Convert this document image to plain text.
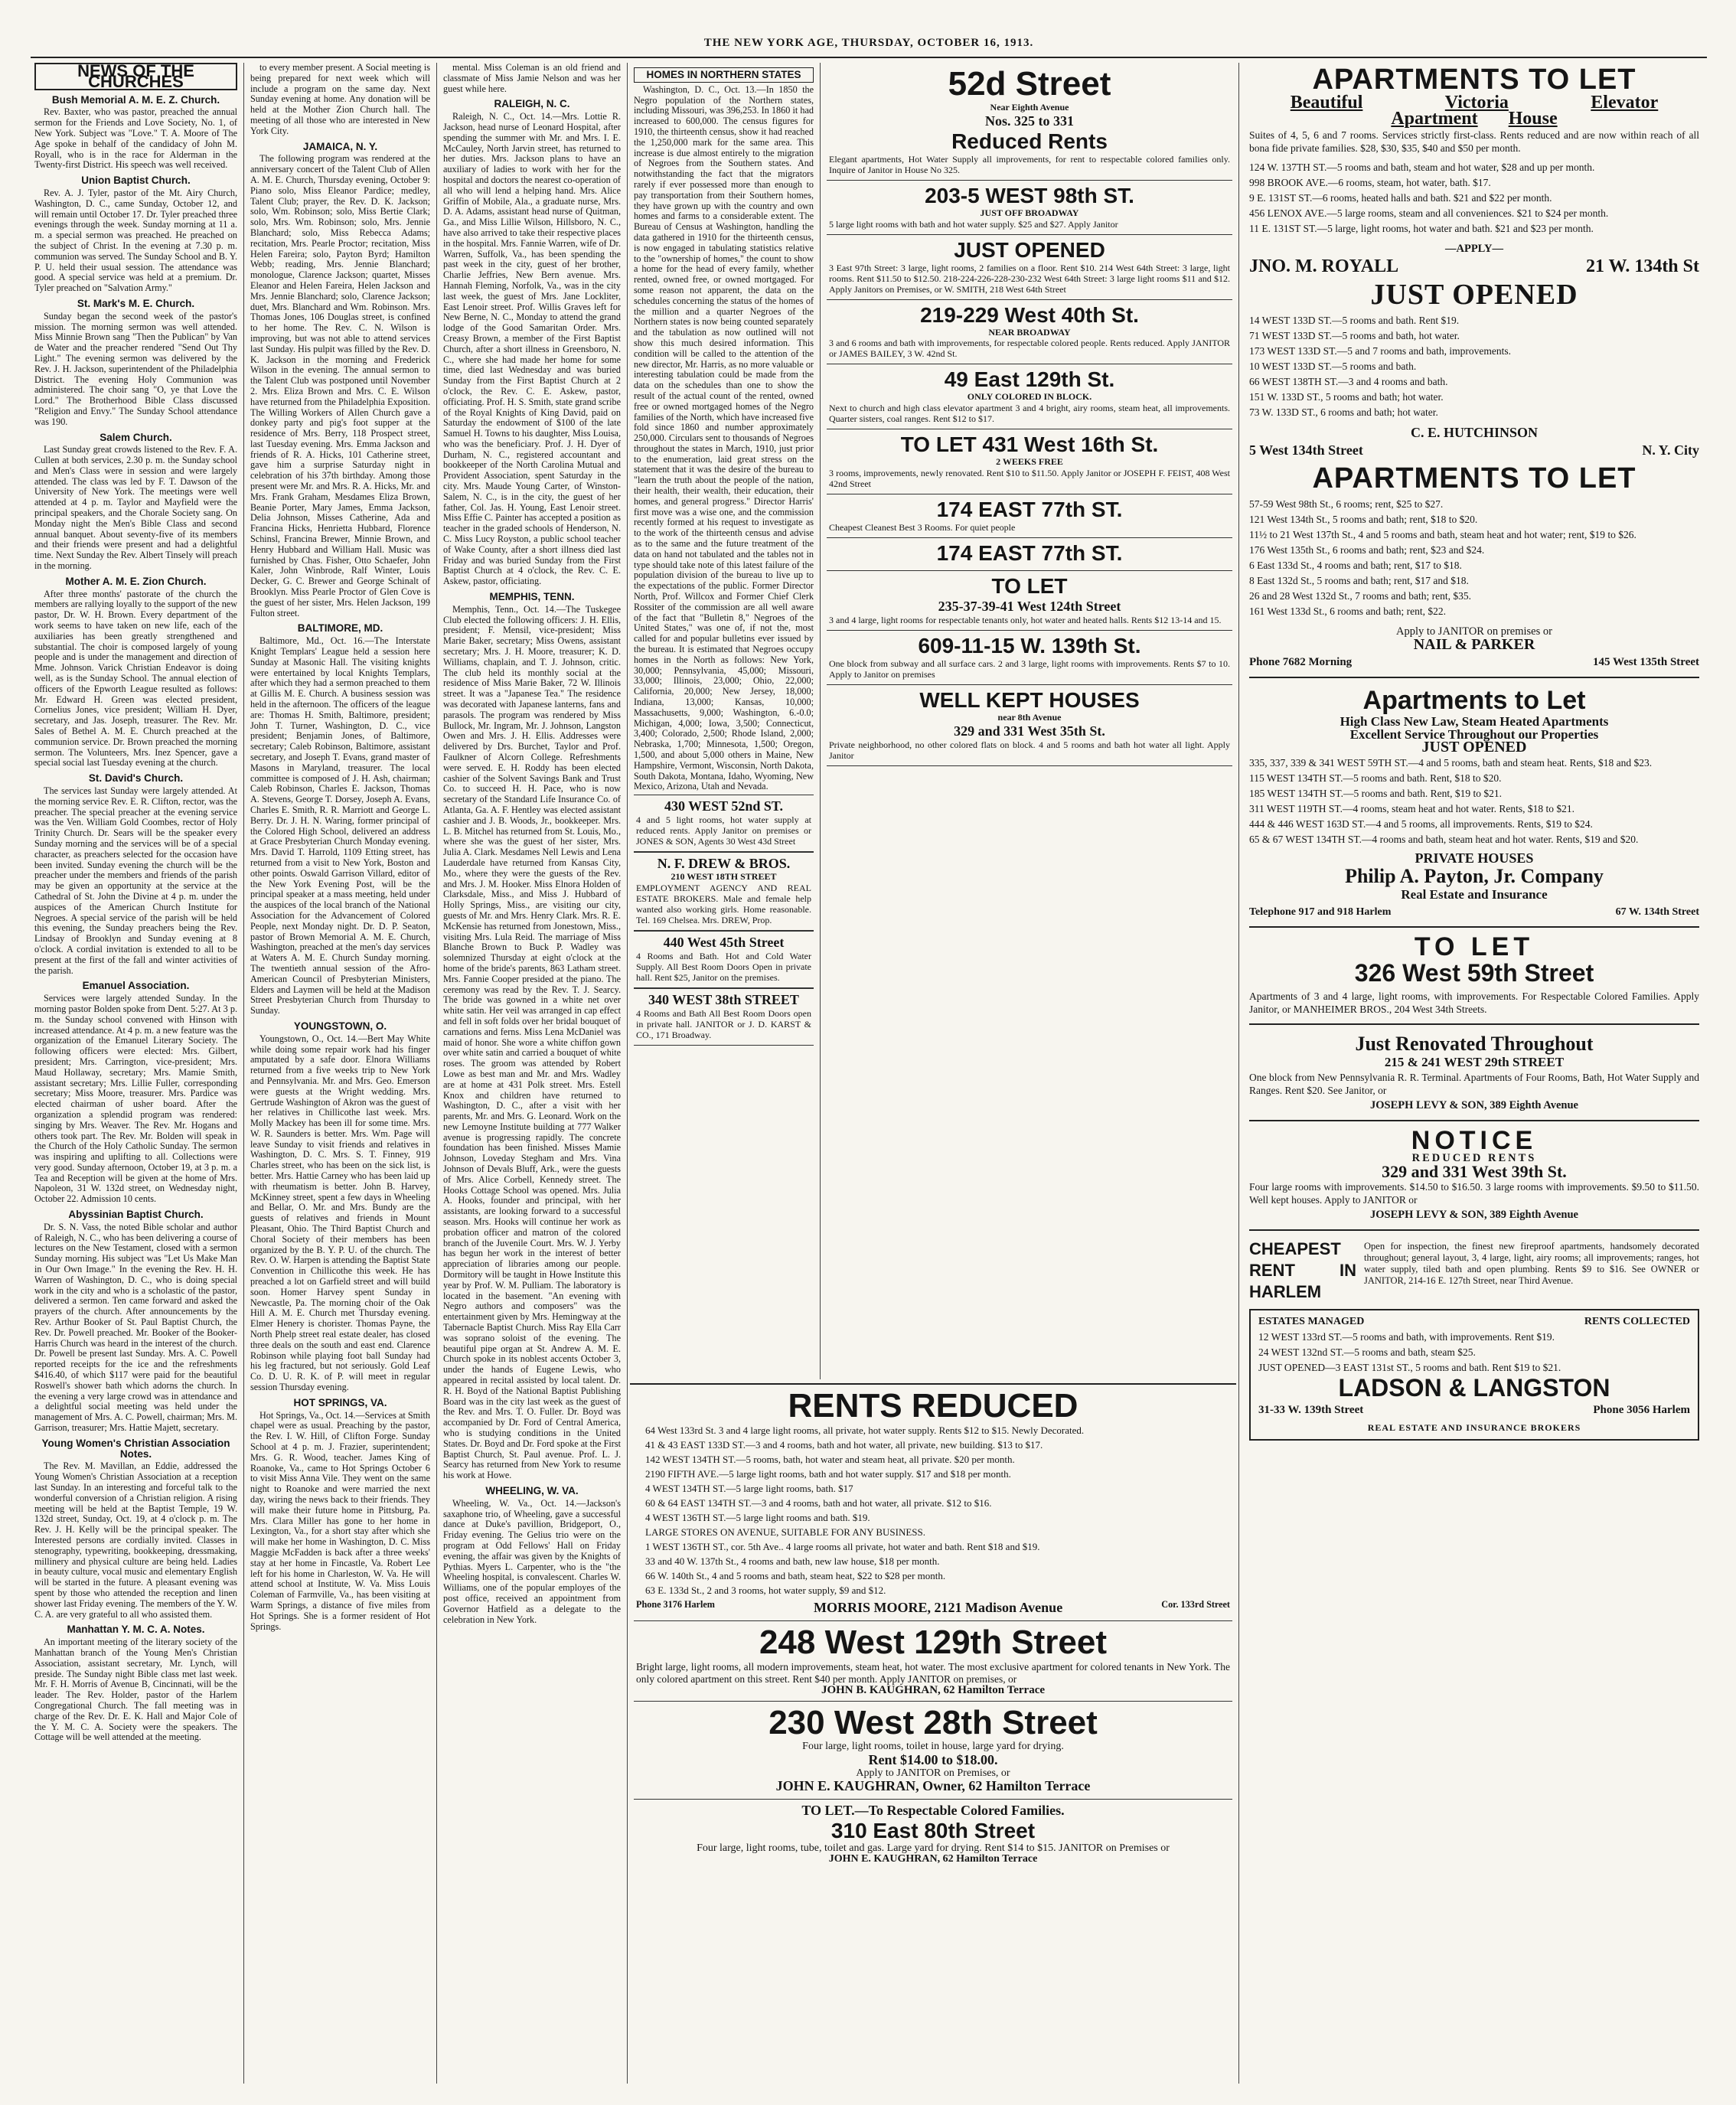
THE NEW YORK AGE, THURSDAY, OCTOBER 16, 1913.
NEWS OF THE CHURCHES
Bush Memorial A. M. E. Z. Church.

Rev. Baxter, who was pastor, preached the annual sermon for the Friends and Love Society, No. 1, of New York. Subject was "Love." T. A. Moore of The Age spoke in behalf of the candidacy of John M. Royall, who is in the race for Alderman in the Twenty-first District. His speech was well received.

Union Baptist Church.

Rev. A. J. Tyler, pastor of the Mt. Airy Church, Washington, D. C., came Sunday, October 12, and will remain until October 17. Dr. Tyler preached three evenings through the week. Sunday morning at 11 a. m. a special sermon was preached. He preached on the subject of Christ. In the evening at 7.30 p. m. communion was served. The Sunday School and B. Y. P. U. held their usual session. The attendance was good. A special service was held at a premium. Dr. Tyler preached on "Salvation Army."

St. Mark's M. E. Church.

Sunday began the second week of the pastor's mission. The morning sermon was well attended. Miss Minnie Brown sang "Then the Publican" by Van de Water and the preacher rendered "Send Out Thy Light." The evening sermon was delivered by the Rev. J. H. Jackson, superintendent of the Philadelphia District. The evening Holy Communion was administered. The choir sang "O, ye that Love the Lord." The Brotherhood Bible Class discussed "Religion and Envy." The Sunday School attendance was 190.

Salem Church.

Last Sunday great crowds listened to the Rev. F. A. Cullen at both services, 2.30 p. m. the Sunday school and Men's Class were in session and were largely attended. The class was led by F. T. Dawson of the University of New York. The meetings were well attended at 4 p. m. Taylor and Mayfield were the principal speakers, and the Chorale Society sang. On Monday night the Men's Bible Class and second annual banquet. About seventy-five of its members and their friends were present and had a delightful time. Next Sunday the Rev. Albert Tinsely will preach in the morning.

Mother A. M. E. Zion Church.

After three months' pastorate of the church the members are rallying loyally to the support of the new pastor, Dr. W. H. Brown. Every department of the work seems to have taken on new life, each of the auxiliaries has been greatly strengthened and substantial. The choir is composed largely of young people and is under the management and direction of Mme. Johnson. Varick Christian Endeavor is doing well, as is the Sunday School. The annual election of officers of the Epworth League resulted as follows: Mr. Edward H. Green was elected president, Cornelius Jones, vice president; William H. Dyer, secretary, and Jas. Joseph, treasurer. The Rev. Mr. Sales of Bethel A. M. E. Church preached at the communion service. Dr. Brown preached the morning sermon. The Volunteers, Mrs. Inez Spencer, gave a special social last Tuesday evening at the church.

St. David's Church.

The services last Sunday were largely attended. At the morning service Rev. E. R. Clifton, rector, was the preacher. The special preacher at the evening service was the Ven. William Gold Coombes, rector of Holy Trinity Church. Dr. Sears will be the speaker every Sunday morning and the services will be of a special character, as preachers selected for the occasion have been invited. Sunday evening the church will be the preacher under the members and friends of the parish may be given an opportunity at the service at the Cathedral of St. John the Divine at 4 p. m. under the auspices of the American Church Institute for Negroes. A special service of the parish will be held this evening, the Sunday preachers being the Rev. Lindsay of Brooklyn and Sunday evening at 8 o'clock. A cordial invitation is extended to all to be present at the first of the fall and winter activities of the parish.

Emanuel Association.

Services were largely attended Sunday. In the morning pastor Bolden spoke from Dent. 5:27. At 3 p. m. the Sunday school convened with Hinson with increased attendance. At 4 p. m. a new feature was the organization of the Emanuel Literary Society. The following officers were elected: Mrs. Gilbert, president; Mrs. Carrington, vice-president; Mrs. Maud Hollaway, secretary; Mrs. Mamie Smith, assistant secretary; Mrs. Lillie Fuller, corresponding secretary; Miss Moore, treasurer. Mrs. Pardice was elected chairman of usher board. After the organization a splendid program was rendered: singing by Mrs. Weaver. The Rev. Mr. Hogans and others took part. The Rev. Mr. Bolden will speak in the Church of the Holy Catholic Sunday. The sermon was inspiring and uplifting to all. Collections were very good. Sunday afternoon, October 19, at 3 p. m. a Tea and Reception will be given at the home of Mrs. Napoleon, 31 W. 132d street, on Wednesday night, October 22. Admission 10 cents.

Abyssinian Baptist Church.

Dr. S. N. Vass, the noted Bible scholar and author of Raleigh, N. C., who has been delivering a course of lectures on the New Testament, closed with a sermon Sunday morning. His subject was "Let Us Make Man in Our Own Image." In the evening the Rev. H. H. Warren of Washington, D. C., who is doing special work in the city and who is a scholastic of the pastor, delivered a sermon. Ten came forward and asked the prayers of the church. After announcements by the Rev. Arthur Booker of St. Paul Baptist Church, the Rev. Dr. Powell preached. Mr. Booker of the Booker-Harris Church was heard in the interest of the church. Dr. Powell be present last Sunday. Mrs. A. C. Powell reported receipts for the ice and the refreshments $416.40, of which $117 were paid for the beautiful Roswell's shower bath which adorns the church. In the evening a very large crowd was in attendance and a delightful social meeting was held under the management of Mrs. A. C. Powell, chairman; Mrs. M. Garrison, treasurer; Mrs. Hattie Majett, secretary.

Young Women's Christian Association Notes.

The Rev. M. Mavillan, an Eddie, addressed the Young Women's Christian Association at a reception last Sunday. In an interesting and forceful talk to the wonderful conversion of a Christian religion. A rising meeting will be held at the Baptist Temple, 19 W. 132d street, Sunday, Oct. 19, at 4 o'clock p. m. The Rev. J. H. Kelly will be the principal speaker. The Interested persons are cordially invited. Classes in stenography, typewriting, bookkeeping, dressmaking, millinery and physical culture are being held. Ladies in beauty culture, vocal music and elementary English will be started in the future. A pleasant evening was spent by those who attended the reception and linen shower last Friday evening. The members of the Y. W. C. A. are very grateful to all who assisted them.

Manhattan Y. M. C. A. Notes.

An important meeting of the literary society of the Manhattan branch of the Young Men's Christian Association, assistant secretary, Mr. Lynch, will preside. The Sunday night Bible class met last week. Mr. F. H. Morris of Avenue B, Cincinnati, will be the leader. The Rev. Holder, pastor of the Harlem Congregational Church. The fall meeting was in charge of the Rev. Dr. E. K. Hall and Major Cole of the Y. M. C. A. Society were the speakers. The Cottage will be well attended at the meeting.

to every member present. A Social meeting is being prepared for next week which will include a program on the same day. Next Sunday evening at home. Any donation will be held at the Mother Zion Church hall. The meeting of all those who are interested in New York City.

JAMAICA, N. Y.

The following program was rendered at the anniversary concert of the Talent Club of Allen A. M. E. Church, Thursday evening, October 9: Piano solo, Miss Eleanor Pardice; medley, Talent Club; prayer, the Rev. D. K. Jackson; solo, Wm. Robinson; solo, Miss Bertie Clark; solo, Mrs. Wm. Robinson; solo, Mrs. Jennie Blanchard; solo, Miss Rebecca Adams; recitation, Mrs. Pearle Proctor; recitation, Miss Helen Fareira; solo, Payton Byrd; Hamilton Webb; reading, Mrs. Jennie Blanchard; monologue, Clarence Jackson; quartet, Misses Eleanor and Helen Fareira, Helen Jackson and Mrs. Jennie Blanchard; solo, Clarence Jackson; duet, Mrs. Blanchard and Wm. Robinson. Mrs. Thomas Jones, 106 Douglas street, is confined to her home. The Rev. C. N. Wilson is improving, but was not able to attend services last Sunday. His pulpit was filled by the Rev. D. K. Jackson in the morning and Frederick Wilson in the evening. The annual sermon to the Talent Club was postponed until November 2. Mrs. Eliza Brown and Mrs. C. E. Wilson have returned from the Philadelphia Exposition. The Willing Workers of Allen Church gave a donkey party and pig's foot supper at the residence of Mrs. Berry, 118 Prospect street, last Tuesday evening. Mrs. Emma Jackson and friends of R. A. Hicks, 101 Catherine street, gave him a surprise Saturday night in celebration of his 37th birthday. Among those present were Mr. and Mrs. R. A. Hicks, Mr. and Mrs. Frank Graham, Mesdames Eliza Brown, Beanie Porter, Mary James, Emma Jackson, Delia Johnson, Misses Catherine, Ada and Francina Hicks, Henrietta Hubbard, Florence Schinsl, Francina Brewer, Minnie Brown, and Henry Hubbard and William Hall. Music was furnished by Chas. Fisher, Otto Schaefer, John Kaler, John Winbrode, Ralf Winter, Louis Decker, G. C. Brewer and George Schinalt of Brooklyn. Miss Pearle Proctor of Glen Cove is the guest of her sister, Mrs. Helen Jackson, 199 Fulton street.

BALTIMORE, MD.

Baltimore, Md., Oct. 16.—The Interstate Knight Templars' League held a session here Sunday at Masonic Hall. The visiting knights were entertained by local Knights Templars, after which they had a sermon preached to them at Gillis M. E. Church. A business session was held in the afternoon. The officers of the league are: Thomas H. Smith, Baltimore, president; John T. Turner, Washington, D. C., vice president; Benjamin Jones, of Baltimore, secretary; Caleb Robinson, Baltimore, assistant secretary, and Joseph T. Evans, grand master of Masons in Maryland, treasurer. The local committee is composed of J. H. Ash, chairman; Caleb Robinson, Charles E. Jackson, Thomas A. Stevens, George T. Dorsey, Joseph A. Evans, Charles E. Smith, R. R. Marriott and George L. Berry. Dr. J. H. N. Waring, former principal of the Colored High School, delivered an address at Grace Presbyterian Church Monday evening. Mrs. David T. Harrold, 1109 Etting street, has returned from a visit to New York, Boston and other points. Oswald Garrison Villard, editor of the New York Evening Post, will be the principal speaker at a mass meeting, held under the auspices of the local branch of the National Association for the Advancement of Colored People, next Monday night. Dr. D. P. Seaton, pastor of Brown Memorial A. M. E. Church, Washington, preached at the men's day services at Waters A. M. E. Church Sunday morning. The twentieth annual session of the Afro-American Council of Presbyterian Ministers, Elders and Laymen will be held at the Madison Street Presbyterian Church from Thursday to Sunday.

YOUNGSTOWN, O.

Youngstown, O., Oct. 14.—Bert May White while doing some repair work had his finger amputated by a safe door. Elnora Williams returned from a five weeks trip to New York and Pennsylvania. Mr. and Mrs. Geo. Emerson were guests at the Wright wedding. Mrs. Gertrude Washington of Akron was the guest of her relatives in Chillicothe last week. Mrs. Molly Mackey has been ill for some time. Mrs. W. R. Saunders is better. Mrs. Wm. Page will leave Sunday to visit friends and relatives in Washington, D. C. Mrs. S. T. Finney, 919 Charles street, who has been on the sick list, is better. Mrs. Hattie Carney who has been laid up with rheumatism is better. John B. Harvey, McKinney street, spent a few days in Wheeling and Bellar, O. Mr. and Mrs. Bundy are the guests of relatives and friends in Mount Pleasant, Ohio. The Third Baptist Church and Choral Society of their members has been organized by the B. Y. P. U. of the church. The Rev. O. W. Harpen is attending the Baptist State Convention in Chillicothe this week. He has preached a lot on Garfield street and will build soon. Homer Harvey spent Sunday in Newcastle, Pa. The morning choir of the Oak Hill A. M. E. Church met Thursday evening. Elmer Henery is chorister. Thomas Payne, the North Phelp street real estate dealer, has closed three deals on the south and east end. Clarence Robinson while playing foot ball Sunday had his leg fractured, but not seriously. Gold Leaf Co. D. U. R. K. of P. will meet in regular session Thursday evening.

HOT SPRINGS, VA.

Hot Springs, Va., Oct. 14.—Services at Smith chapel were as usual. Preaching by the pastor, the Rev. I. W. Hill, of Clifton Forge. Sunday School at 4 p. m. J. Frazier, superintendent; Mrs. G. R. Wood, teacher. James King of Roanoke, Va., came to Hot Springs October 6 to visit Miss Anna Vile. They went on the same night to Roanoke and were married the next day, wiring the news back to their friends. They will make their future home in Pittsburg, Pa. Mrs. Clara Miller has gone to her home in Lexington, Va., for a short stay after which she will make her home in Washington, D. C. Miss Maggie McFadden is back after a three weeks' stay at her home in Fincastle, Va. Robert Lee left for his home in Charleston, W. Va. He will attend school at Institute, W. Va. Miss Louis Coleman of Farmville, Va., has been visiting at Warm Springs, a distance of five miles from Hot Springs. She is a former resident of Hot Springs.

mental. Miss Coleman is an old friend and classmate of Miss Jamie Nelson and was her guest while here.

RALEIGH, N. C.

Raleigh, N. C., Oct. 14.—Mrs. Lottie R. Jackson, head nurse of Leonard Hospital, after spending the summer with Mr. and Mrs. I. E. McCauley, North Jarvin street, has returned to her duties. Mrs. Jackson plans to have an auxiliary of ladies to work with her for the hospital and doctors the nearest co-operation of all who will lend a helping hand. Mrs. Alice Griffin of Mobile, Ala., a graduate nurse, Mrs. D. A. Adams, assistant head nurse of Quitman, Ga., and Miss Lillie Wilson, Hillsboro, N. C., have also arrived to take their respective places in the hospital. Mrs. Fannie Warren, wife of Dr. Warren, Suffolk, Va., has been spending the past week in the city, guest of her brother, Charlie Jeffries, New Bern avenue. Mrs. Hannah Fleming, Norfolk, Va., was in the city last week, the guest of Mrs. Jane Lockliter, East Lenoir street. Prof. Willis Graves left for New Berne, N. C., Monday to attend the grand lodge of the Good Samaritan Order. Mrs. Creasy Brown, a member of the First Baptist Church, after a short illness in Greensboro, N. C., where she had made her home for some time, died last Wednesday and was buried Sunday from the First Baptist Church at 2 o'clock, the Rev. C. E. Askew, pastor, officiating. Prof. H. S. Smith, state grand scribe of the Royal Knights of King David, paid on Saturday the endowment of $100 of the late Samuel H. Towns to his daughter, Miss Louisa, who was the beneficiary. Prof. J. H. Dyer of Durham, N. C., registered accountant and bookkeeper of the North Carolina Mutual and Provident Association, spent Saturday in the city. Mrs. Maude Young Carter, of Winston-Salem, N. C., is in the city, the guest of her father, Col. Jas. H. Young, East Lenoir street. Miss Effie C. Painter has accepted a position as teacher in the graded schools of Henderson, N. C. Miss Lucy Royston, a public school teacher of Wake County, after a short illness died last Friday and was buried Sunday from the First Baptist Church at 4 o'clock, the Rev. C. E. Askew, pastor, officiating.

MEMPHIS, TENN.

Memphis, Tenn., Oct. 14.—The Tuskegee Club elected the following officers: J. H. Ellis, president; F. Mensil, vice-president; Miss Marie Baker, secretary; Miss Owens, assistant secretary; Mrs. J. H. Moore, treasurer; K. D. Williams, chaplain, and T. J. Johnson, critic. The club held its monthly social at the residence of Miss Marie Baker, 72 W. Illinois street. It was a "Japanese Tea." The residence was decorated with Japanese lanterns, fans and parasols. The program was rendered by Miss Bullock, Mr. Ingram, Mr. J. Johnson, Langston Owen and Mrs. J. H. Ellis. Addresses were delivered by Drs. Burchet, Taylor and Prof. Faulkner of Alcorn College. Refreshments were served. E. H. Roddy has been elected cashier of the Solvent Savings Bank and Trust Co. to succeed H. H. Pace, who is now secretary of the Standard Life Insurance Co. of Atlanta, Ga. A. F. Hentley was elected assistant cashier and J. B. Woods, Jr., bookkeeper. Mrs. L. B. Mitchel has returned from St. Louis, Mo., where she was the guest of her sister, Mrs. Julia A. Clark. Mesdames Nell Lewis and Lena Lauderdale have returned from Kansas City, Mo., where they were the guests of the Rev. and Mrs. J. M. Hooker. Miss Elnora Holden of Clarksdale, Miss., and Miss J. Hubbard of Holly Springs, Miss., are visiting our city, guests of Mr. and Mrs. Henry Clark. Mrs. R. E. McKensie has returned from Jonestown, Miss., visiting Mrs. Lula Reid. The marriage of Miss Blanche Brown to Buck P. Wadley was solemnized Thursday at eight o'clock at the home of the bride's parents, 863 Latham street. Mrs. Fannie Cooper presided at the piano. The ceremony was read by the Rev. T. J. Searcy. The bride was gowned in a white net over white satin. Her veil was arranged in cap effect and fell in soft folds over her bridal bouquet of carnations and ferns. Miss Lena McDaniel was maid of honor. She wore a white chiffon gown over white satin and carried a bouquet of white roses. The groom was attended by Robert Lowe as best man and Mr. and Mrs. Wadley are at home at 431 Polk street. Mrs. Estell Knox and children have returned to Washington, D. C., after a visit with her parents, Mr. and Mrs. G. Leonard. Work on the new Lemoyne Institute building at 777 Walker avenue is progressing rapidly. The concrete foundation has been finished. Misses Mamie Johnson, Loveday Stegham and Mrs. Vina Johnson of Devals Bluff, Ark., were the guests of Mrs. Alice Corbell, Kennedy street. The Hooks Cottage School was opened. Mrs. Julia A. Hooks, founder and principal, with her assistants, are looking forward to a successful season. Mrs. Hooks will continue her work as probation officer and matron of the colored branch of the Juvenile Court. Mrs. W. J. Yerby has begun her work in the interest of better appreciation of libraries among our people. Dormitory will be taught in Howe Institute this year by Prof. W. M. Pulliam. The laboratory is located in the basement. "An evening with Negro authors and composers" was the entertainment given by Mrs. Hemingway at the Tabernacle Baptist Church. Miss Ray Ella Carr was soprano soloist of the evening. The beautiful pipe organ at St. Andrew A. M. E. Church spoke in its noblest accents October 3, under the hands of Eugene Lewis, who appeared in recital assisted by local talent. Dr. R. H. Boyd of the National Baptist Publishing Board was in the city last week as the guest of the Rev. and Mrs. T. O. Fuller. Dr. Boyd was accompanied by Dr. Ford of Central America, who is studying conditions in the United States. Dr. Boyd and Dr. Ford spoke at the First Baptist Church, St. Paul avenue. Prof. L. J. Searcy has returned from New York to resume his work at Howe.

WHEELING, W. VA.

Wheeling, W. Va., Oct. 14.—Jackson's saxaphone trio, of Wheeling, gave a successful dance at Duke's pavillion, Bridgeport, O., Friday evening. The Gelius trio were on the program at Odd Fellows' Hall on Friday evening, the affair was given by the Knights of Pythias. Myers L. Carpenter, who is the "the Wheeling hospital, is convalescent. Charles W. Williams, one of the popular employes of the post office, received an appointment from Governor Hatfield as a delegate to the celebration in New York.

HOMES IN NORTHERN STATES

Washington, D. C., Oct. 13.—In 1850 the Negro population of the Northern states, including Missouri, was 396,253. In 1860 it had increased to 600,000. The census figures for 1910, the thirteenth census, show it had reached the 1,250,000 mark for the same area. This increase is due almost entirely to the migration of Negroes from the Southern states. And notwithstanding the fact that the migrators rarely if ever possessed more than enough to pay transportation from their Southern homes, they have grown up with the country and own homes and farms to a considerable extent. The Bureau of Census at Washington, handling the data gathered in 1910 for the thirteenth census, is now engaged in tabulating statistics relative to the "ownership of homes," the count to show a home for the head of every family, whether rented, owned free, or owned mortgaged. For some reason not apparent, the data on the schedules concerning the status of the homes of the million and a quarter Negroes of the Northern states is now being counted separately and the tabulation as now outlined will not show this much desired information. This condition will be called to the attention of the new director, Mr. Harris, as no more valuable or interesting tabulation could be made from the data on the schedules than one to show the result of the actual count of the rented, owned free or owned mortgaged homes of the Negro families of the North, which have increased five fold since 1860 and number approximately 250,000. Circulars sent to thousands of Negroes throughout the states in March, 1910, just prior to the enumeration, laid great stress on the statement that it was the desire of the bureau to "learn the truth about the people of the nation, their health, their wealth, their education, their homes, and general progress." Director Harris' first move was a wise one, and the commission recently formed at his request to investigate as to the work of the thirteenth census and advise as to the same and the future treatment of the data on hand not tabulated and the tables not in type should take note of this latest failure of the population division of the bureau to live up to the expectations of the public. Former Director North, Prof. Willcox and Former Chief Clerk Rossiter of the commission are all well aware of the fact that "Bulletin 8," Negroes of the United States," was one of, if not the, most called for and popular bulletins ever issued by the bureau. It is estimated that Negroes occupy homes in the North as follows: New York, 30,000; Pennsylvania, 45,000; Missouri, 33,000; Illinois, 23,000; Ohio, 22,000; California, 20,000; New Jersey, 18,000; Indiana, 13,000; Kansas, 10,000; Massachusetts, 9,000; Washington, 6.-0.0; Michigan, 4,000; Iowa, 3,500; Connecticut, 3,400; Colorado, 2,500; Rhode Island, 2,000; Nebraska, 1,700; Minnesota, 1,500; Oregon, 1,500, and about 5,000 others in Maine, New Hampshire, Vermont, Wisconsin, North Dakota, South Dakota, Montana, Idaho, Wyoming, New Mexico, Arizona, Utah and Nevada.

430 WEST 52nd ST.
4 and 5 light rooms, hot water supply at reduced rents. Apply Janitor on premises or JONES & SON, Agents 30 West 43d Street
N. F. DREW & BROS.
210 WEST 18TH STREET
EMPLOYMENT AGENCY AND REAL ESTATE BROKERS. Male and female help wanted also working girls. Home reasonable. Tel. 169 Chelsea. Mrs. DREW, Prop.
440 West 45th Street
4 Rooms and Bath. Hot and Cold Water Supply. All Best Room Doors Open in private hall. Rent $25, Janitor on the premises.
340 WEST 38th STREET
4 Rooms and Bath All Best Room Doors open in private hall. JANITOR or J. D. KARST & CO., 171 Broadway.
52d Street
Near Eighth Avenue
Nos. 325 to 331
Reduced Rents
Elegant apartments, Hot Water Supply all improvements, for rent to respectable colored families only. Inquire of Janitor in House No 325.
203-5 WEST 98th ST.
JUST OFF BROADWAY
5 large light rooms with bath and hot water supply. $25 and $27. Apply Janitor
JUST OPENED
3 East 97th Street: 3 large, light rooms, 2 families on a floor. Rent $10. 214 West 64th Street: 3 large, light rooms. Rent $11.50 to $12.50. 218-224-226-228-230-232 West 64th Street: 3 large light rooms $11 and $12. Apply Janitors on Premises, or W. SMITH, 218 West 64th Street
219-229 West 40th St.
NEAR BROADWAY
3 and 6 rooms and bath with improvements, for respectable colored people. Rents reduced. Apply JANITOR or JAMES BAILEY, 3 W. 42nd St.
49 East 129th St.
ONLY COLORED IN BLOCK.
Next to church and high class elevator apartment 3 and 4 bright, airy rooms, steam heat, all improvements. Quarter sisters, coal ranges. Rent $12 to $17.
TO LET 431 West 16th St.
2 WEEKS FREE
3 rooms, improvements, newly renovated. Rent $10 to $11.50. Apply Janitor or JOSEPH F. FEIST, 408 West 42nd Street
174 EAST 77th ST.
Cheapest Cleanest Best 3 Rooms. For quiet people
174 EAST 77th ST.
TO LET
235-37-39-41 West 124th Street
3 and 4 large, light rooms for respectable tenants only, hot water and heated halls. Rents $12 13-14 and 15.
609-11-15 W. 139th St.
One block from subway and all surface cars. 2 and 3 large, light rooms with improvements. Rents $7 to 10. Apply to Janitor on premises
WELL KEPT HOUSES
near 8th Avenue
329 and 331 West 35th St.
Private neighborhood, no other colored flats on block. 4 and 5 rooms and bath hot water all light. Apply Janitor
RENTS REDUCED

64 West 133rd St. 3 and 4 large light rooms, all private, hot water supply. Rents $12 to $15. Newly Decorated.

41 & 43 EAST 133D ST.—3 and 4 rooms, bath and hot water, all private, new building. $13 to $17.

142 WEST 134TH ST.—5 rooms, bath, hot water and steam heat, all private. $20 per month.

2190 FIFTH AVE.—5 large light rooms, bath and hot water supply. $17 and $18 per month.

4 WEST 134TH ST.—5 large light rooms, bath. $17

60 & 64 EAST 134TH ST.—3 and 4 rooms, bath and hot water, all private. $12 to $16.

4 WEST 136TH ST.—5 large light rooms and bath. $19.

LARGE STORES ON AVENUE, SUITABLE FOR ANY BUSINESS.

1 WEST 136TH ST., cor. 5th Ave.. 4 large rooms all private, hot water and bath. Rent $18 and $19.

33 and 40 W. 137th St., 4 rooms and bath, new law house, $18 per month.

66 W. 140th St., 4 and 5 rooms and bath, steam heat, $22 to $28 per month.

63 E. 133d St., 2 and 3 rooms, hot water supply, $9 and $12.

Phone 3176 Harlem	MORRIS MOORE, 2121 Madison Avenue	Cor. 133rd Street
248 West 129th Street
Bright large, light rooms, all modern improvements, steam heat, hot water. The most exclusive apartment for colored tenants in New York. The only colored apartment on this street. Rent $40 per month. Apply JANITOR on premises, or
JOHN B. KAUGHRAN, 62 Hamilton Terrace
230 West 28th Street
Four large, light rooms, toilet in house, large yard for drying.
Rent $14.00 to $18.00.
Apply to JANITOR on Premises, or
JOHN E. KAUGHRAN, Owner, 62 Hamilton Terrace
TO LET.—To Respectable Colored Families.
310 East 80th Street
Four large, light rooms, tube, toilet and gas. Large yard for drying. Rent $14 to $15. JANITOR on Premises or
JOHN E. KAUGHRAN, 62 Hamilton Terrace
APARTMENTS TO LET
Beautiful	Victoria	Elevator
Apartment House

Suites of 4, 5, 6 and 7 rooms. Services strictly first-class. Rents reduced and are now within reach of all bona fide private families. $28, $30, $35, $40 and $50 per month.

124 W. 137TH ST.—5 rooms and bath, steam and hot water, $28 and up per month.

998 BROOK AVE.—6 rooms, steam, hot water, bath. $17.

9 E. 131ST ST.—6 rooms, heated halls and bath. $21 and $22 per month.

456 LENOX AVE.—5 large rooms, steam and all conveniences. $21 to $24 per month.

11 E. 131ST ST.—5 large, light rooms, hot water and bath. $21 and $23 per month.

—APPLY—
JNO. M. ROYALL	21 W. 134th St
JUST OPENED

14 WEST 133D ST.—5 rooms and bath. Rent $19.

71 WEST 133D ST.—5 rooms and bath, hot water.

173 WEST 133D ST.—5 and 7 rooms and bath, improvements.

10 WEST 133D ST.—5 rooms and bath.

66 WEST 138TH ST.—3 and 4 rooms and bath.

151 W. 133D ST., 5 rooms and bath; hot water.

73 W. 133D ST., 6 rooms and bath; hot water.

C. E. HUTCHINSON
5 West 134th Street	N. Y. City
APARTMENTS TO LET

57-59 West 98th St., 6 rooms; rent, $25 to $27.

121 West 134th St., 5 rooms and bath; rent, $18 to $20.

11½ to 21 West 137th St., 4 and 5 rooms and bath, steam heat and hot water; rent, $19 to $26.

176 West 135th St., 6 rooms and bath; rent, $23 and $24.

6 East 133d St., 4 rooms and bath; rent, $17 to $18.

8 East 132d St., 5 rooms and bath; rent, $17 and $18.

26 and 28 West 132d St., 7 rooms and bath; rent, $35.

161 West 133d St., 6 rooms and bath; rent, $22.

Apply to JANITOR on premises or
NAIL & PARKER
Phone 7682 Morning	145 West 135th Street
Apartments to Let
High Class New Law, Steam Heated Apartments
Excellent Service Throughout our Properties
JUST OPENED

335, 337, 339 & 341 WEST 59TH ST.—4 and 5 rooms, bath and steam heat. Rents, $18 and $23.

115 WEST 134TH ST.—5 rooms and bath. Rent, $18 to $20.

185 WEST 134TH ST.—5 rooms and bath. Rent, $19 to $21.

311 WEST 119TH ST.—4 rooms, steam heat and hot water. Rents, $18 to $21.

444 & 446 WEST 163D ST.—4 and 5 rooms, all improvements. Rents, $19 to $24.

65 & 67 WEST 134TH ST.—4 rooms and bath, steam heat and hot water. Rents, $19 and $20.

PRIVATE HOUSES
Philip A. Payton, Jr. Company
Real Estate and Insurance
Telephone 917 and 918 Harlem	67 W. 134th Street
TO LET
326 West 59th Street

Apartments of 3 and 4 large, light rooms, with improvements. For Respectable Colored Families. Apply Janitor, or MANHEIMER BROS., 204 West 34th Streets.

Just Renovated Throughout
215 & 241 WEST 29th STREET

One block from New Pennsylvania R. R. Terminal. Apartments of Four Rooms, Bath, Hot Water Supply and Ranges. Rent $20. See Janitor, or

JOSEPH LEVY & SON, 389 Eighth Avenue
NOTICE
REDUCED RENTS
329 and 331 West 39th St.

Four large rooms with improvements. $14.50 to $16.50. 3 large rooms with improvements. $9.50 to $11.50. Well kept houses. Apply to JANITOR or

JOSEPH LEVY & SON, 389 Eighth Avenue
CHEAPEST RENT IN HARLEM
Open for inspection, the finest new fireproof apartments, handsomely decorated throughout; general layout, 3, 4 large, light, airy rooms; all improvements; ranges, hot water supply, tiled bath and open plumbing. Rents $9 to $16. See OWNER or JANITOR, 214-16 E. 127th Street, near Third Avenue.
ESTATES MANAGED	RENTS COLLECTED

12 WEST 133rd ST.—5 rooms and bath, with improvements. Rent $19.

24 WEST 132nd ST.—5 rooms and bath, steam $25.

JUST OPENED—3 EAST 131st ST., 5 rooms and bath. Rent $19 to $21.

LADSON & LANGSTON
31-33 W. 139th Street	Phone 3056 Harlem
REAL ESTATE AND INSURANCE BROKERS
